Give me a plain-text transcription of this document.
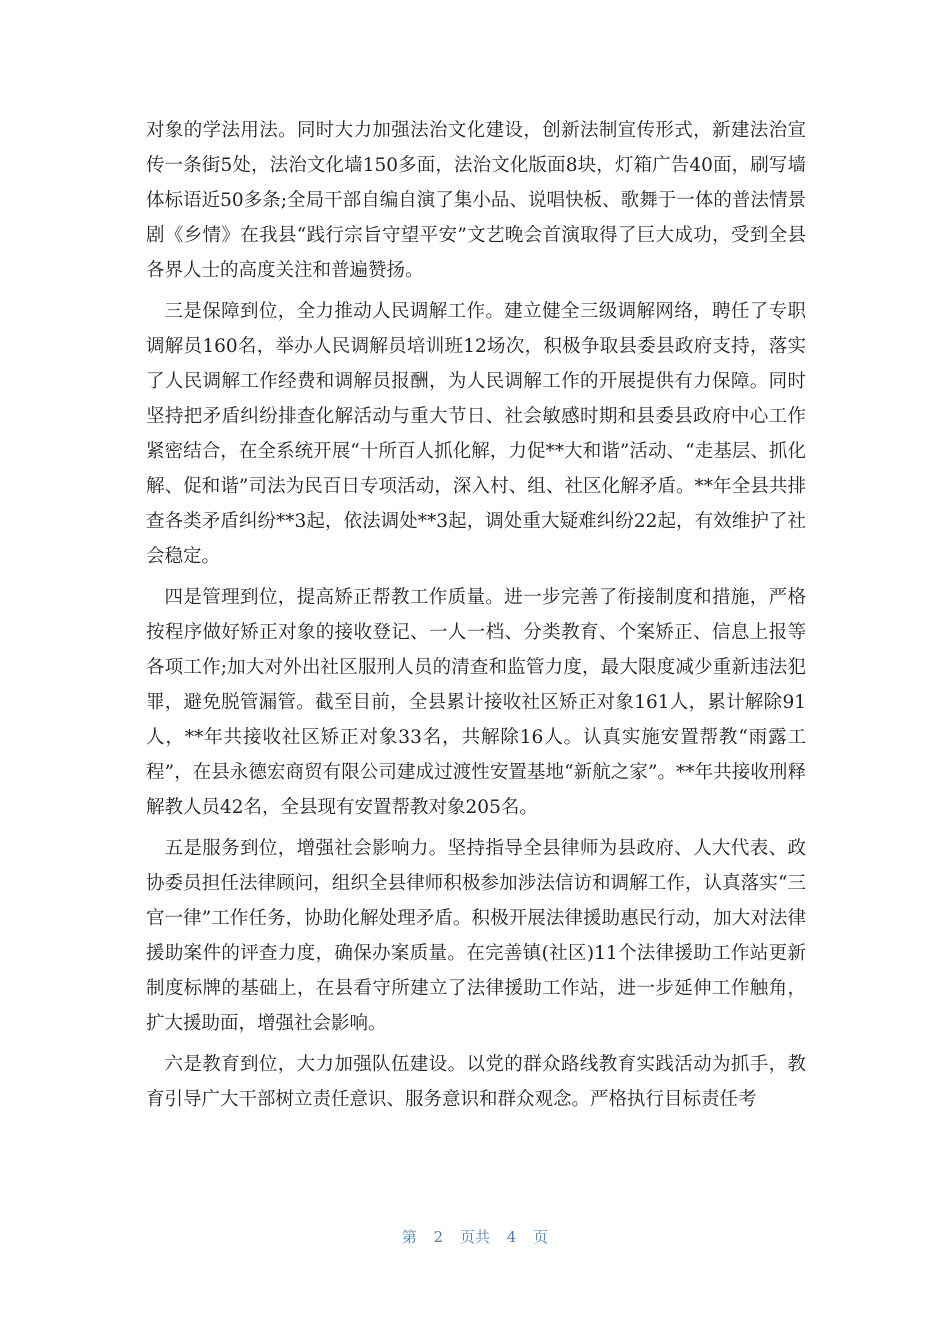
对象的学法用法。同时大力加强法治文化建设，创新法制宣传形式，新建法治宣传一条街5处，法治文化墙150多面，法治文化版面8块，灯箱广告40面，刷写墙体标语近50多条;全局干部自编自演了集小品、说唱快板、歌舞于一体的普法情景剧《乡情》在我县“践行宗旨守望平安”文艺晚会首演取得了巨大成功，受到全县各界人士的高度关注和普遍赞扬。

三是保障到位，全力推动人民调解工作。建立健全三级调解网络，聘任了专职调解员160名，举办人民调解员培训班12场次，积极争取县委县政府支持，落实了人民调解工作经费和调解员报酬，为人民调解工作的开展提供有力保障。同时坚持把矛盾纠纷排查化解活动与重大节日、社会敏感时期和县委县政府中心工作紧密结合，在全系统开展“十所百人抓化解，力促**大和谐”活动、“走基层、抓化解、促和谐”司法为民百日专项活动，深入村、组、社区化解矛盾。**年全县共排查各类矛盾纠纷**3起，依法调处**3起，调处重大疑难纠纷22起，有效维护了社会稳定。

四是管理到位，提高矫正帮教工作质量。进一步完善了衔接制度和措施，严格按程序做好矫正对象的接收登记、一人一档、分类教育、个案矫正、信息上报等各项工作;加大对外出社区服刑人员的清查和监管力度，最大限度减少重新违法犯罪，避免脱管漏管。截至目前，全县累计接收社区矫正对象161人，累计解除91人，**年共接收社区矫正对象33名，共解除16人。认真实施安置帮教“雨露工程”，在县永德宏商贸有限公司建成过渡性安置基地“新航之家”。**年共接收刑释解教人员42名，全县现有安置帮教对象205名。

五是服务到位，增强社会影响力。坚持指导全县律师为县政府、人大代表、政协委员担任法律顾问，组织全县律师积极参加涉法信访和调解工作，认真落实“三官一律”工作任务，协助化解处理矛盾。积极开展法律援助惠民行动，加大对法律援助案件的评查力度，确保办案质量。在完善镇(社区)11个法律援助工作站更新制度标牌的基础上，在县看守所建立了法律援助工作站，进一步延伸工作触角，扩大援助面，增强社会影响。

六是教育到位，大力加强队伍建设。以党的群众路线教育实践活动为抓手，教育引导广大干部树立责任意识、服务意识和群众观念。严格执行目标责任考

第 2 页共 4 页
